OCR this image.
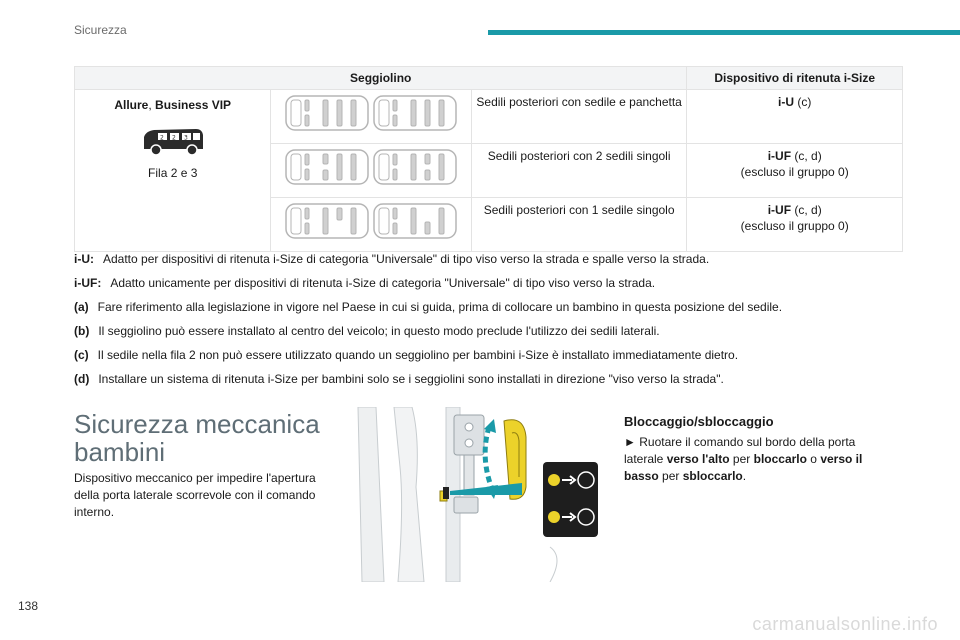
Sicurezza
Seggiolino			Dispositivo di ritenuta i-Size

Allure, Business VIP
2 2 3
Fila 2 e 3		Sedili posteriori con sedile e panchetta	i-U (c)

	Sedili posteriori con 2 sedili singoli	i-UF (c, d)
(escluso il gruppo 0)

	Sedili posteriori con 1 sedile singolo	i-UF (c, d)
(escluso il gruppo 0)
i-U: Adatto per dispositivi di ritenuta i-Size di categoria "Universale" di tipo viso verso la strada e spalle verso la strada.
i-UF: Adatto unicamente per dispositivi di ritenuta i-Size di categoria "Universale" di tipo viso verso la strada.
(a) Fare riferimento alla legislazione in vigore nel Paese in cui si guida, prima di collocare un bambino in questa posizione del sedile.
(b) Il seggiolino può essere installato al centro del veicolo; in questo modo preclude l'utilizzo dei sedili laterali.
(c) Il sedile nella fila 2 non può essere utilizzato quando un seggiolino per bambini i-Size è installato immediatamente dietro.
(d) Installare un sistema di ritenuta i-Size per bambini solo se i seggiolini sono installati in direzione "viso verso la strada".
Sicurezza meccanica bambini
Dispositivo meccanico per impedire l'apertura della porta laterale scorrevole con il comando interno.
Bloccaggio/sbloccaggio
► Ruotare il comando sul bordo della porta laterale verso l'alto per bloccarlo o verso il basso per sbloccarlo.
138
carmanualsonline.info
